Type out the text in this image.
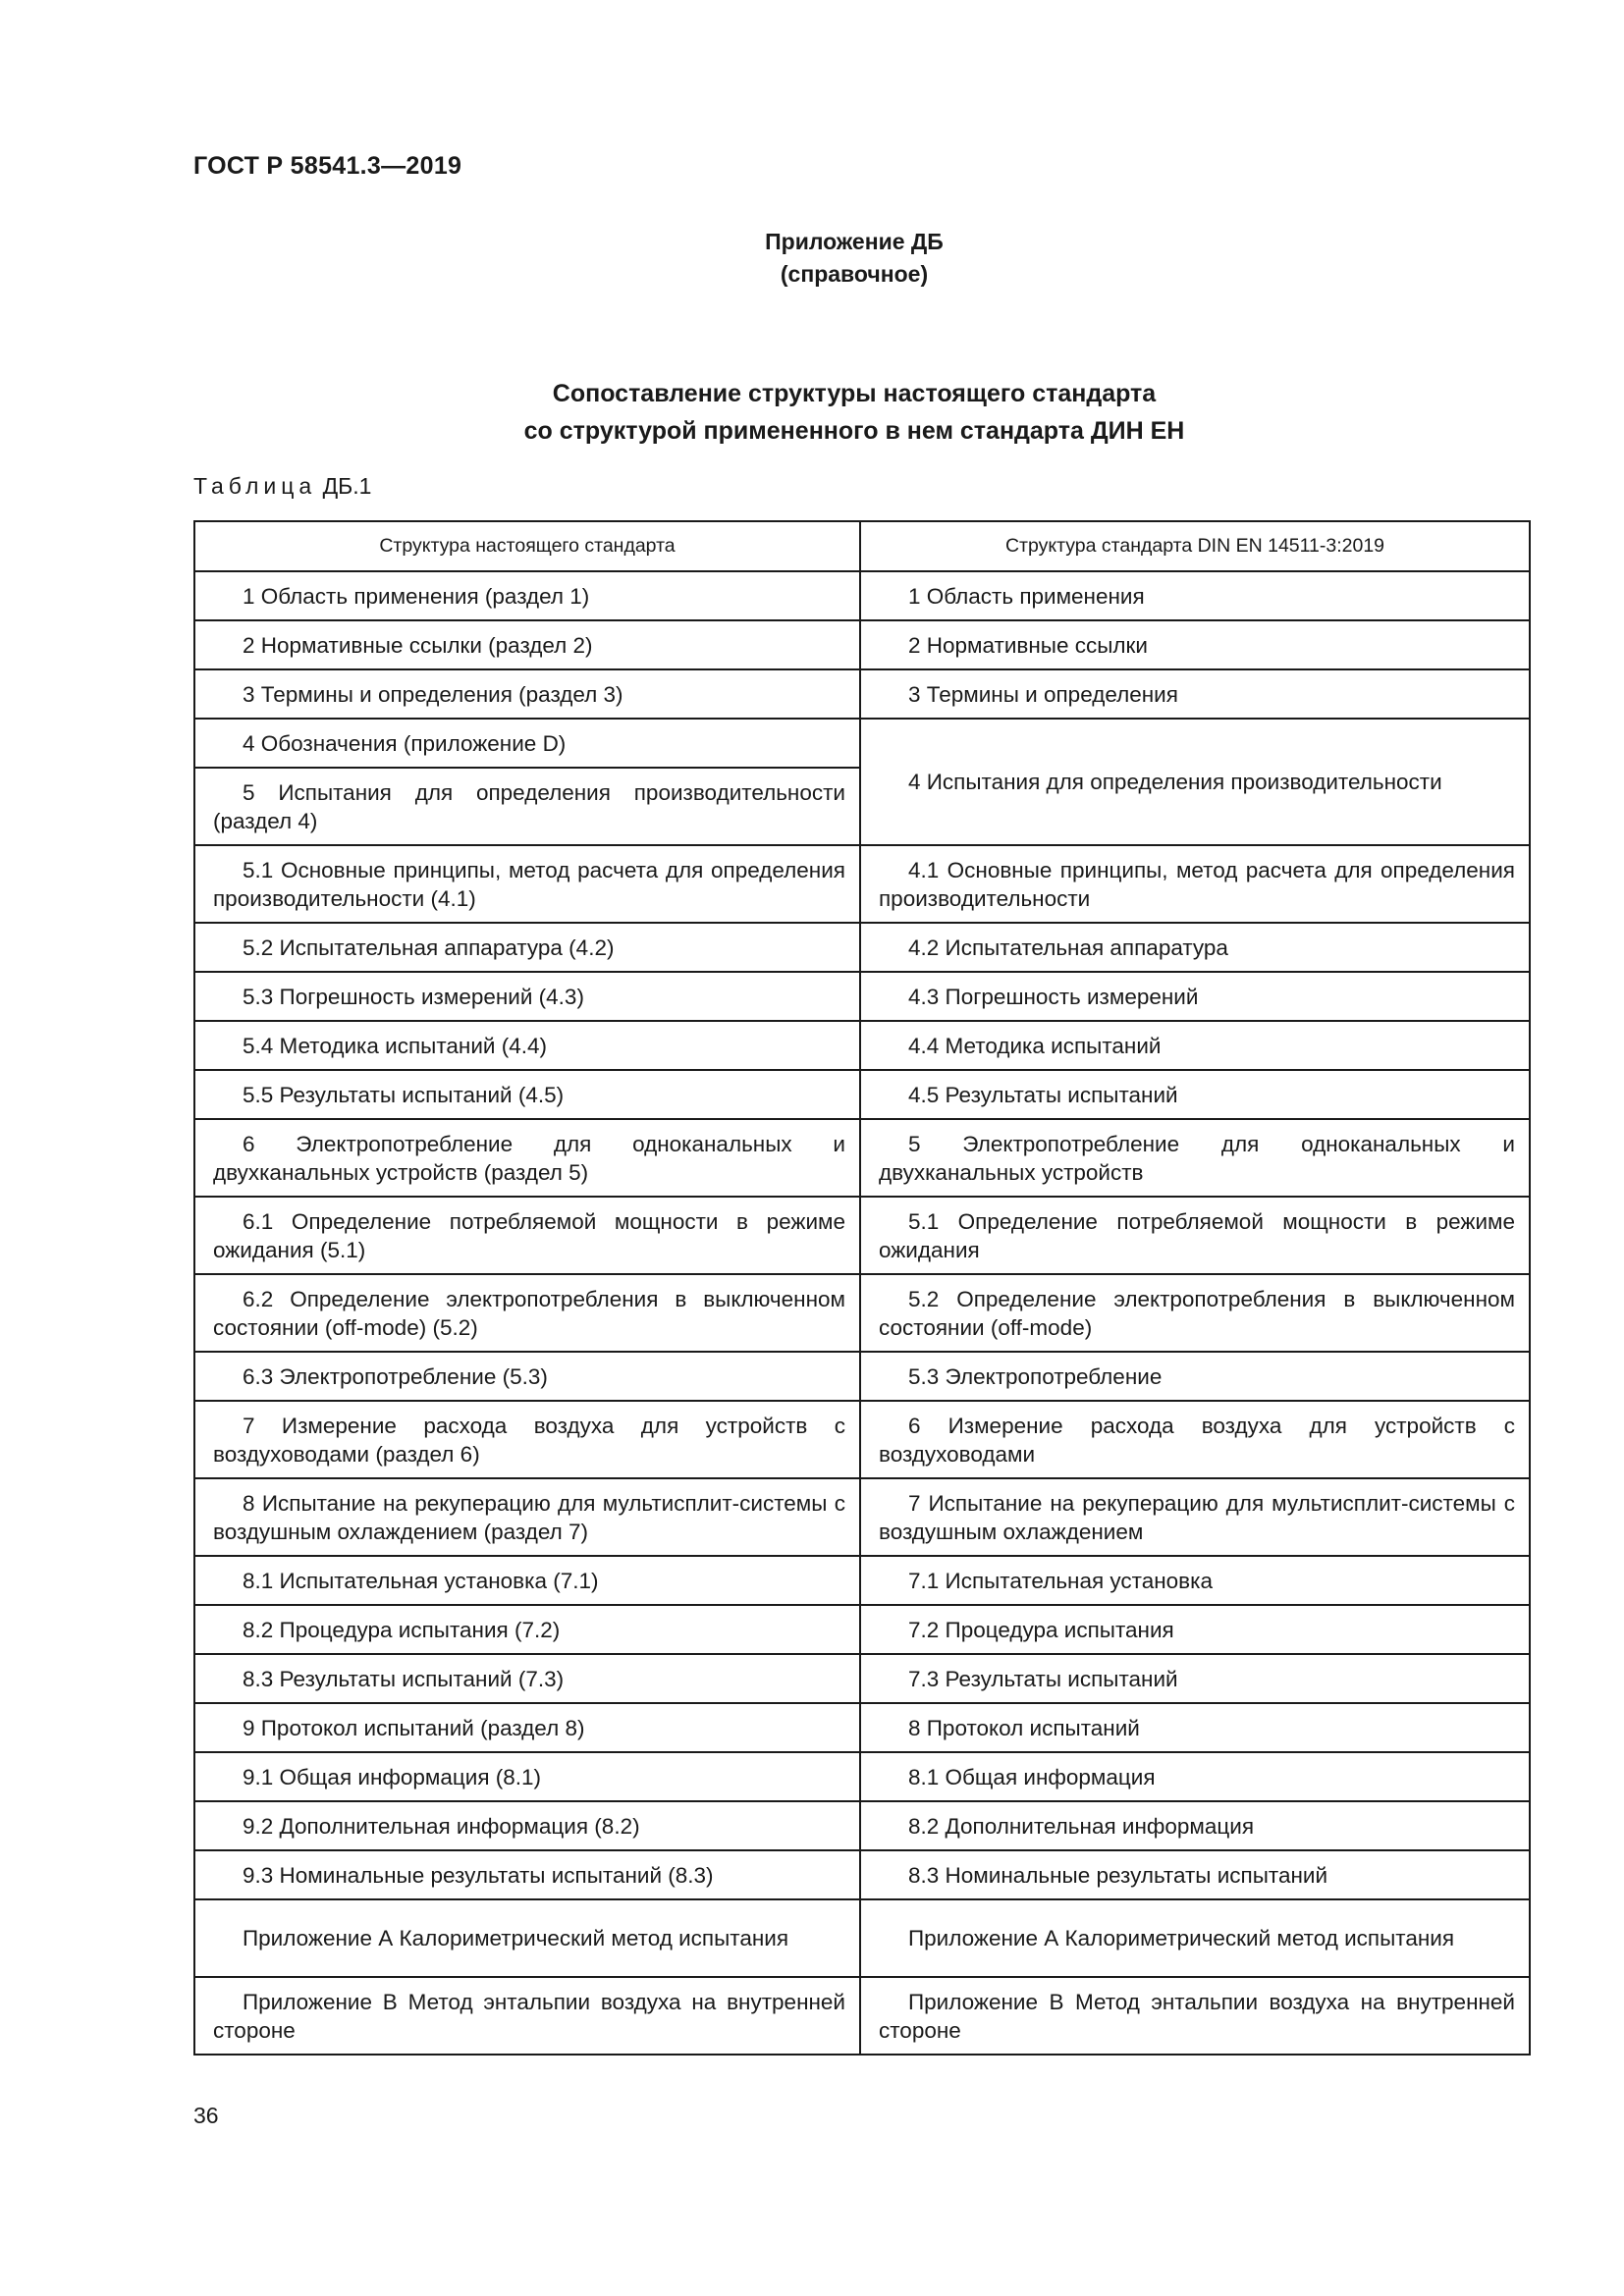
ГОСТ Р 58541.3—2019
Приложение ДБ
(справочное)
Сопоставление структуры настоящего стандарта
со структурой примененного в нем стандарта ДИН ЕН
Таблица ДБ.1
Структура настоящего стандарта	Структура стандарта DIN EN 14511-3:2019
1 Область применения (раздел 1)	1 Область применения
2 Нормативные ссылки (раздел 2)	2 Нормативные ссылки
3 Термины и определения (раздел 3)	3 Термины и определения
4 Обозначения (приложение D)	4 Испытания для определения производительности
5 Испытания для определения производительности (раздел 4)	
5.1 Основные принципы, метод расчета для определения производительности (4.1)	4.1 Основные принципы, метод расчета для определения производительности
5.2 Испытательная аппаратура (4.2)	4.2 Испытательная аппаратура
5.3 Погрешность измерений (4.3)	4.3 Погрешность измерений
5.4 Методика испытаний (4.4)	4.4 Методика испытаний
5.5 Результаты испытаний (4.5)	4.5 Результаты испытаний
6 Электропотребление для одноканальных и двухканальных устройств (раздел 5)	5 Электропотребление для одноканальных и двухканальных устройств
6.1 Определение потребляемой мощности в режиме ожидания (5.1)	5.1 Определение потребляемой мощности в режиме ожидания
6.2 Определение электропотребления в выключенном состоянии (off-mode) (5.2)	5.2 Определение электропотребления в выключенном состоянии (off-mode)
6.3 Электропотребление (5.3)	5.3 Электропотребление
7 Измерение расхода воздуха для устройств с воздуховодами (раздел 6)	6 Измерение расхода воздуха для устройств с воздуховодами
8 Испытание на рекуперацию для мультисплит-системы с воздушным охлаждением (раздел 7)	7 Испытание на рекуперацию для мультисплит-системы с воздушным охлаждением
8.1 Испытательная установка (7.1)	7.1 Испытательная установка
8.2 Процедура испытания (7.2)	7.2 Процедура испытания
8.3 Результаты испытаний (7.3)	7.3 Результаты испытаний
9 Протокол испытаний (раздел 8)	8 Протокол испытаний
9.1 Общая информация (8.1)	8.1 Общая информация
9.2 Дополнительная информация (8.2)	8.2 Дополнительная информация
9.3 Номинальные результаты испытаний (8.3)	8.3 Номинальные результаты испытаний
Приложение А Калориметрический метод испытания	Приложение А Калориметрический метод испытания
Приложение В Метод энтальпии воздуха на внутренней стороне	Приложение В Метод энтальпии воздуха на внутренней стороне
36
